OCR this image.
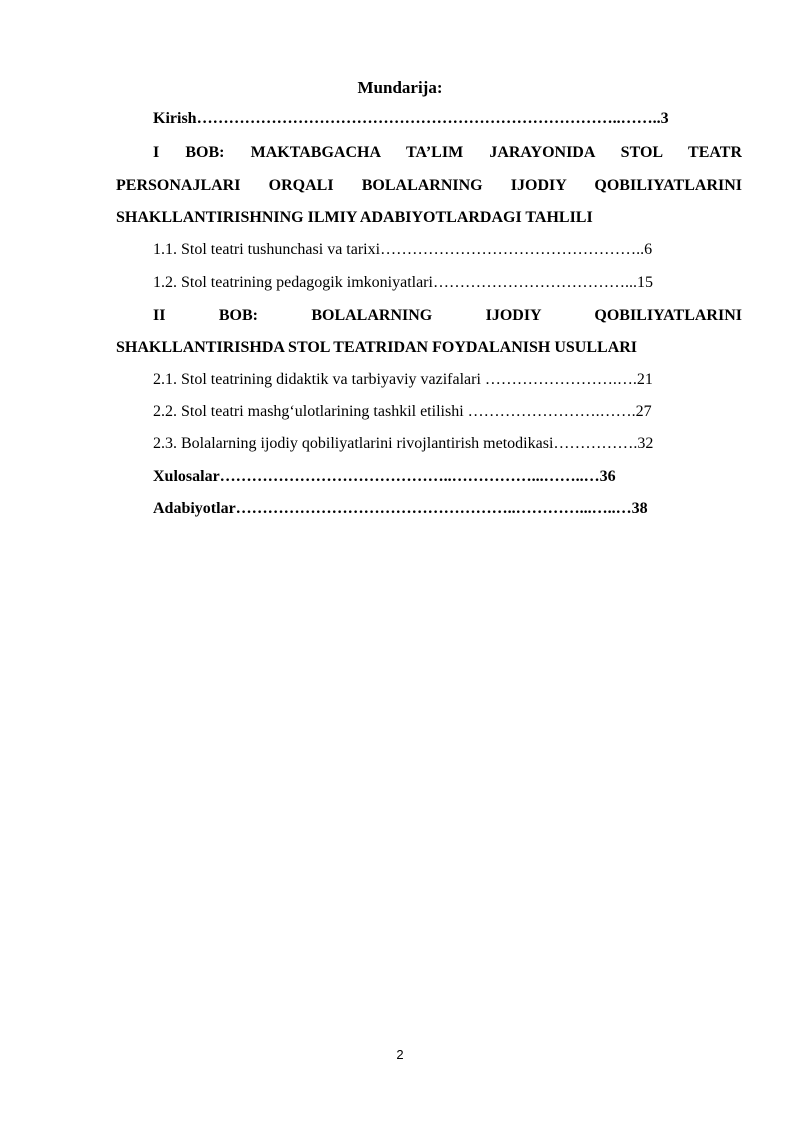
Mundarija:
Kirish……………………………………………………………………..……..3
I BOB: MAKTABGACHA TA’LIM JARAYONIDA STOL TEATR
PERSONAJLARI ORQALI BOLALARNING IJODIY QOBILIYATLARINI
SHAKLLANTIRISHNING ILMIY ADABIYOTLARDAGI TAHLILI
1.1. Stol teatri tushunchasi va tarixi…………………………………………..6
1.2. Stol teatrining pedagogik imkoniyatlari………………………………...15
II BOB: BOLALARNING IJODIY QOBILIYATLARINI
SHAKLLANTIRISHDA STOL TEATRIDAN FOYDALANISH USULLARI
2.1. Stol teatrining didaktik va tarbiyaviy vazifalari …………………….….21
2.2. Stol teatri mashg‘ulotlarining tashkil etilishi …………………….…….27
2.3. Bolalarning ijodiy qobiliyatlarini rivojlantirish metodikasi…………….32
Xulosalar……………………………………..……………...……..…36
Adabiyotlar……………………………………………..…………...…..…38
2
